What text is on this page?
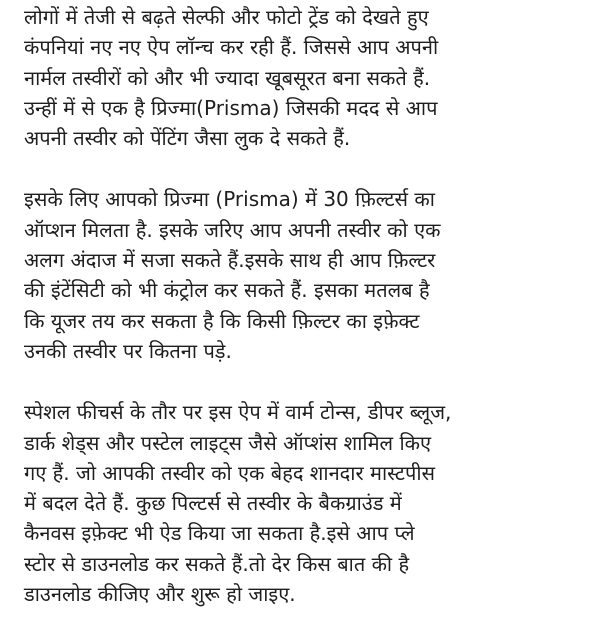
लोगों में तेजी से बढ़ते सेल्फी और फोटो ट्रेंड को देखते हुए
कंपनियां नए नए ऐप लॉन्च कर रही हैं. जिससे आप अपनी
नार्मल तस्वीरों को और भी ज्यादा खूबसूरत बना सकते हैं.
उन्हीं में से एक है प्रिज्मा(Prisma) जिसकी मदद से आप
अपनी तस्वीर को पेंटिंग जैसा लुक दे सकते हैं.

इसके लिए आपको प्रिज्मा (Prisma) में 30 फ़िल्टर्स का
ऑप्शन मिलता है. इसके जरिए आप अपनी तस्वीर को एक
अलग अंदाज में सजा सकते हैं.इसके साथ ही आप फ़िल्टर
की इंटेंसिटी को भी कंट्रोल कर सकते हैं. इसका मतलब है
कि यूजर तय कर सकता है कि किसी फ़िल्टर का इफ़ेक्ट
उनकी तस्वीर पर कितना पड़े.

स्पेशल फीचर्स के तौर पर इस ऐप में वार्म टोन्स, डीपर ब्लूज,
डार्क शेड्स और पस्टेल लाइट्स जैसे ऑप्शंस शामिल किए
गए हैं. जो आपकी तस्वीर को एक बेहद शानदार मास्टपीस
में बदल देते हैं. कुछ पिल्टर्स से तस्वीर के बैकग्राउंड में
कैनवस इफ़ेक्ट भी ऐड किया जा सकता है.इसे आप प्ले
स्टोर से डाउनलोड कर सकते हैं.तो देर किस बात की है
डाउनलोड कीजिए और शुरू हो जाइए.
